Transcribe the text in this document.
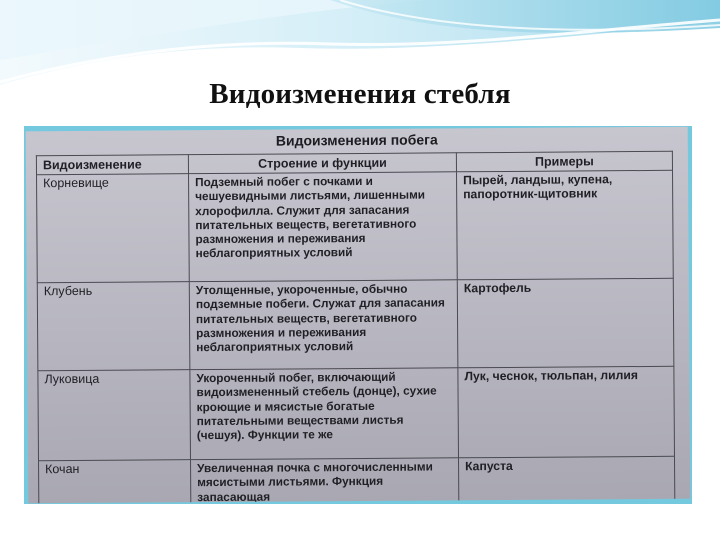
Видоизменения стебля
Видоизменения побега
Видоизменение	Строение и функции	Примеры
Корневище	Подземный побег с почками и чешуевидными листьями, лишенными хлорофилла. Служит для запасания питательных веществ, вегетативного размножения и переживания неблагоприятных условий	Пырей, ландыш, купена, папоротник-щитовник
Клубень	Утолщенные, укороченные, обычно подземные побеги. Служат для запасания питательных веществ, вегетативного размножения и переживания неблагоприятных условий	Картофель
Луковица	Укороченный побег, включающий видоизмененный стебель (донце), сухие кроющие и мясистые богатые питательными веществами листья (чешуя). Функции те же	Лук, чеснок, тюльпан, лилия
Кочан	Увеличенная почка с многочисленными мясистыми листьями. Функция запасающая	Капуста
